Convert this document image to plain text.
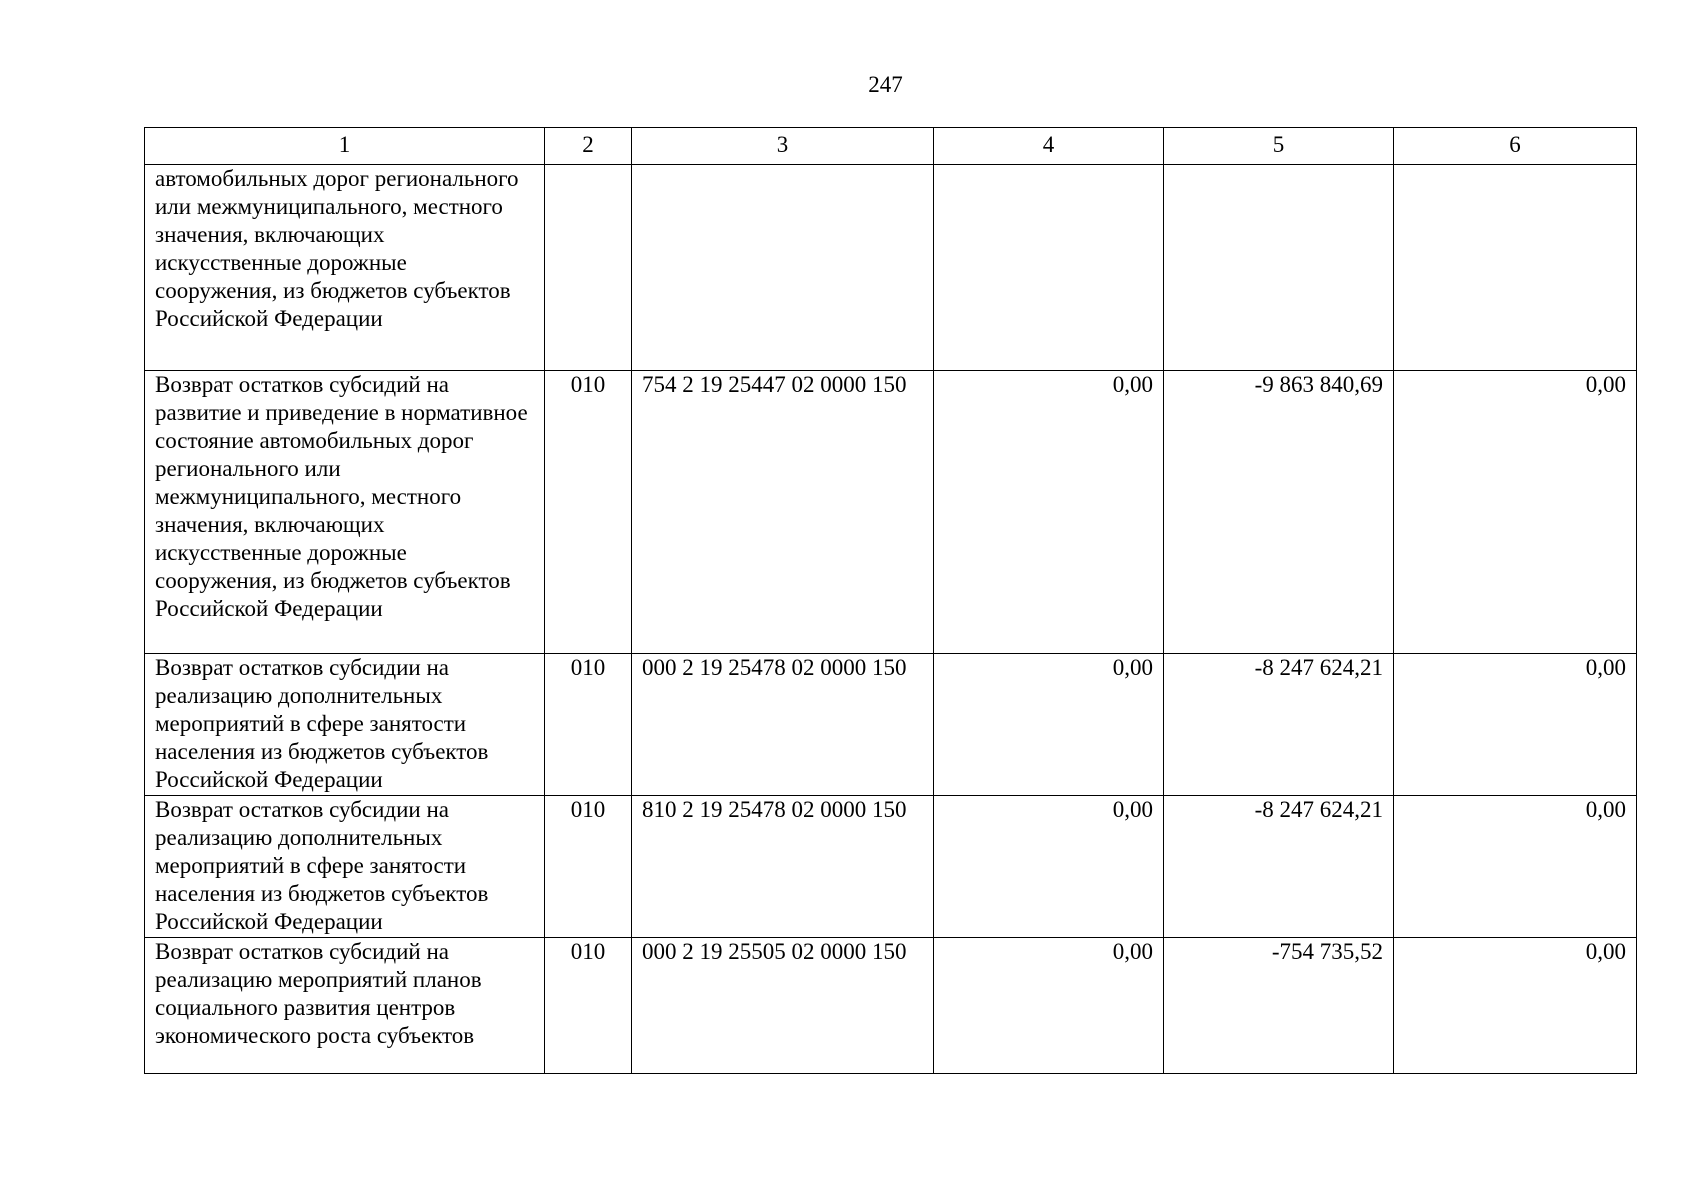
247
1	2	3	4	5	6
автомобильных дорог регионального или межмуниципального, местного значения, включающих искусственные дорожные сооружения, из бюджетов субъектов Российской Федерации					
Возврат остатков субсидий на развитие и приведение в нормативное состояние автомобильных дорог регионального или межмуниципального, местного значения, включающих искусственные дорожные сооружения, из бюджетов субъектов Российской Федерации	010	754 2 19 25447 02 0000 150	0,00	-9 863 840,69	0,00
Возврат остатков субсидии на реализацию дополнительных мероприятий в сфере занятости населения из бюджетов субъектов Российской Федерации	010	000 2 19 25478 02 0000 150	0,00	-8 247 624,21	0,00
Возврат остатков субсидии на реализацию дополнительных мероприятий в сфере занятости населения из бюджетов субъектов Российской Федерации	010	810 2 19 25478 02 0000 150	0,00	-8 247 624,21	0,00
Возврат остатков субсидий на реализацию мероприятий планов социального развития центров экономического роста субъектов	010	000 2 19 25505 02 0000 150	0,00	-754 735,52	0,00
